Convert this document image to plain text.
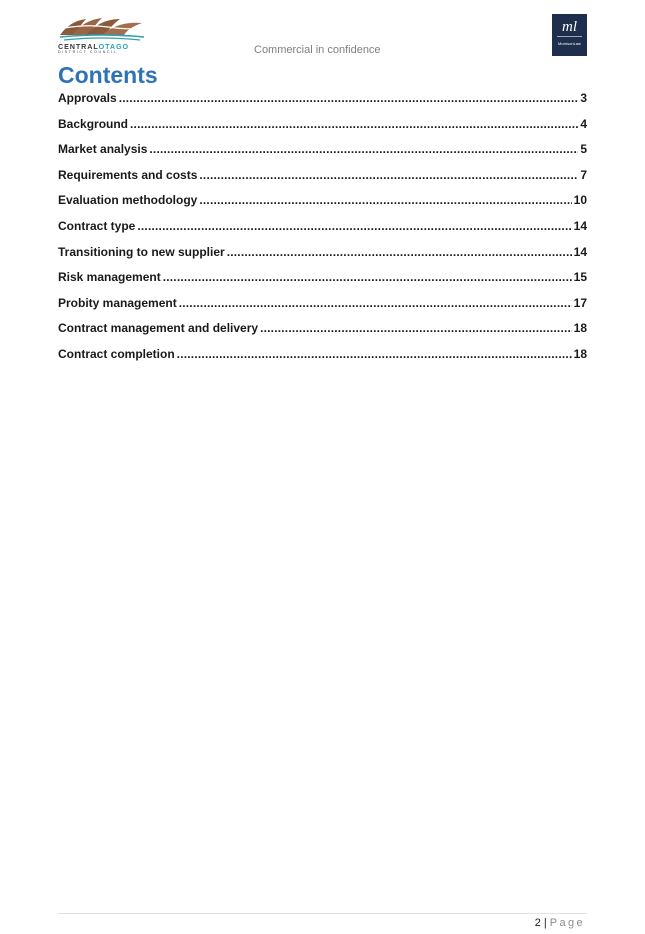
CENTRALOTAGO
DISTRICT COUNCIL	Commercial in confidence
ml
MorrisonLaw
Contents
Approvals .....	3
Background .....	4
Market analysis .....	5
Requirements and costs .....	7
Evaluation methodology .....	10
Contract type .....	14
Transitioning to new supplier .....	14
Risk management .....	15
Probity management .....	17
Contract management and delivery .....	18
Contract completion .....	18
2 | Page
